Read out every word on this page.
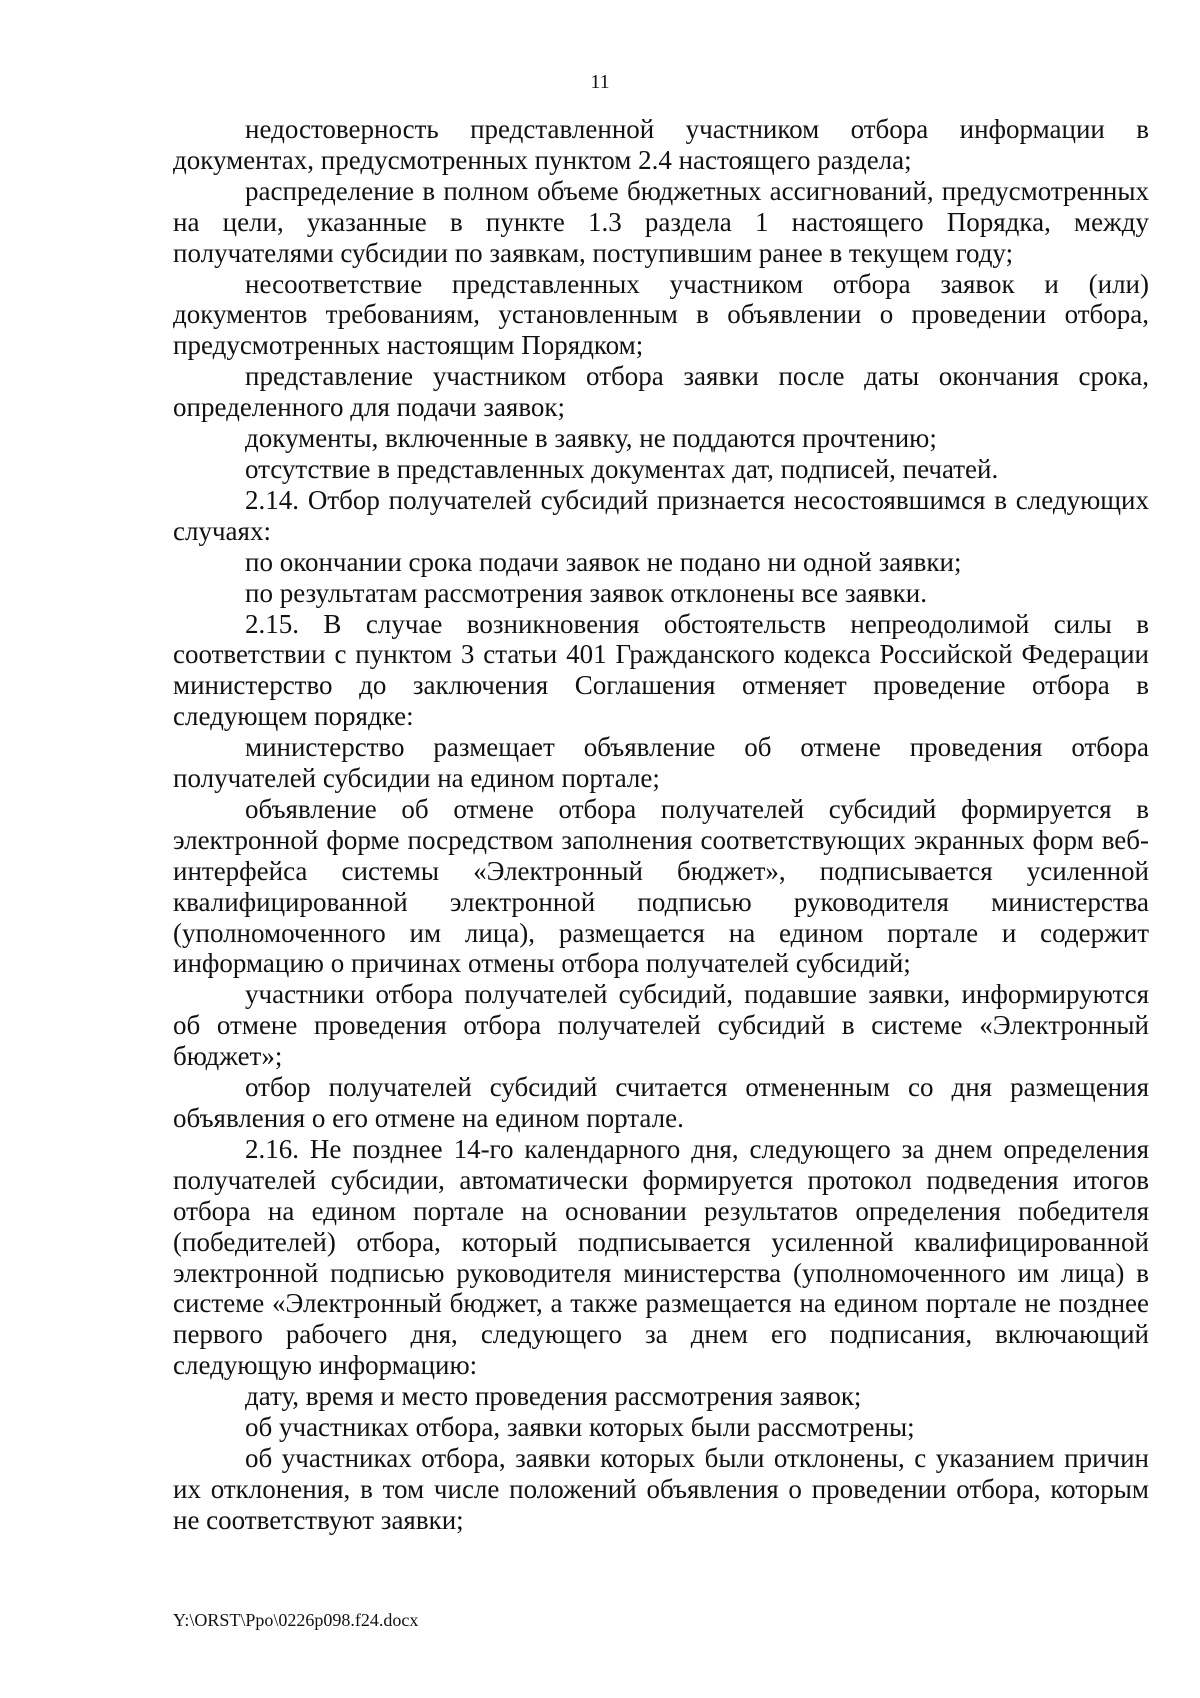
11

недостоверность представленной участником отбора информации в документах, предусмотренных пунктом 2.4 настоящего раздела;

распределение в полном объеме бюджетных ассигнований, предусмотренных на цели, указанные в пункте 1.3 раздела 1 настоящего Порядка, между получателями субсидии по заявкам, поступившим ранее в текущем году;

несоответствие представленных участником отбора заявок и (или) документов требованиям, установленным в объявлении о проведении отбора, предусмотренных настоящим Порядком;

представление участником отбора заявки после даты окончания срока, определенного для подачи заявок;

документы, включенные в заявку, не поддаются прочтению;

отсутствие в представленных документах дат, подписей, печатей.

2.14. Отбор получателей субсидий признается несостоявшимся в следующих случаях:

по окончании срока подачи заявок не подано ни одной заявки;

по результатам рассмотрения заявок отклонены все заявки.

2.15. В случае возникновения обстоятельств непреодолимой силы в соответствии с пунктом 3 статьи 401 Гражданского кодекса Российской Федерации министерство до заключения Соглашения отменяет проведение отбора в следующем порядке:

министерство размещает объявление об отмене проведения отбора получателей субсидии на едином портале;

объявление об отмене отбора получателей субсидий формируется в электронной форме посредством заполнения соответствующих экранных форм веб-интерфейса системы «Электронный бюджет», подписывается усиленной квалифицированной электронной подписью руководителя министерства (уполномоченного им лица), размещается на едином портале и содержит информацию о причинах отмены отбора получателей субсидий;

участники отбора получателей субсидий, подавшие заявки, информируются об отмене проведения отбора получателей субсидий в системе «Электронный бюджет»;

отбор получателей субсидий считается отмененным со дня размещения объявления о его отмене на едином портале.

2.16. Не позднее 14-го календарного дня, следующего за днем определения получателей субсидии, автоматически формируется протокол подведения итогов отбора на едином портале на основании результатов определения победителя (победителей) отбора, который подписывается усиленной квалифицированной электронной подписью руководителя министерства (уполномоченного им лица) в системе «Электронный бюджет, а также размещается на едином портале не позднее первого рабочего дня, следующего за днем его подписания, включающий следующую информацию:

дату, время и место проведения рассмотрения заявок;

об участниках отбора, заявки которых были рассмотрены;

об участниках отбора, заявки которых были отклонены, с указанием причин их отклонения, в том числе положений объявления о проведении отбора, которым не соответствуют заявки;

Y:\ORST\Ppo\0226p098.f24.docx
